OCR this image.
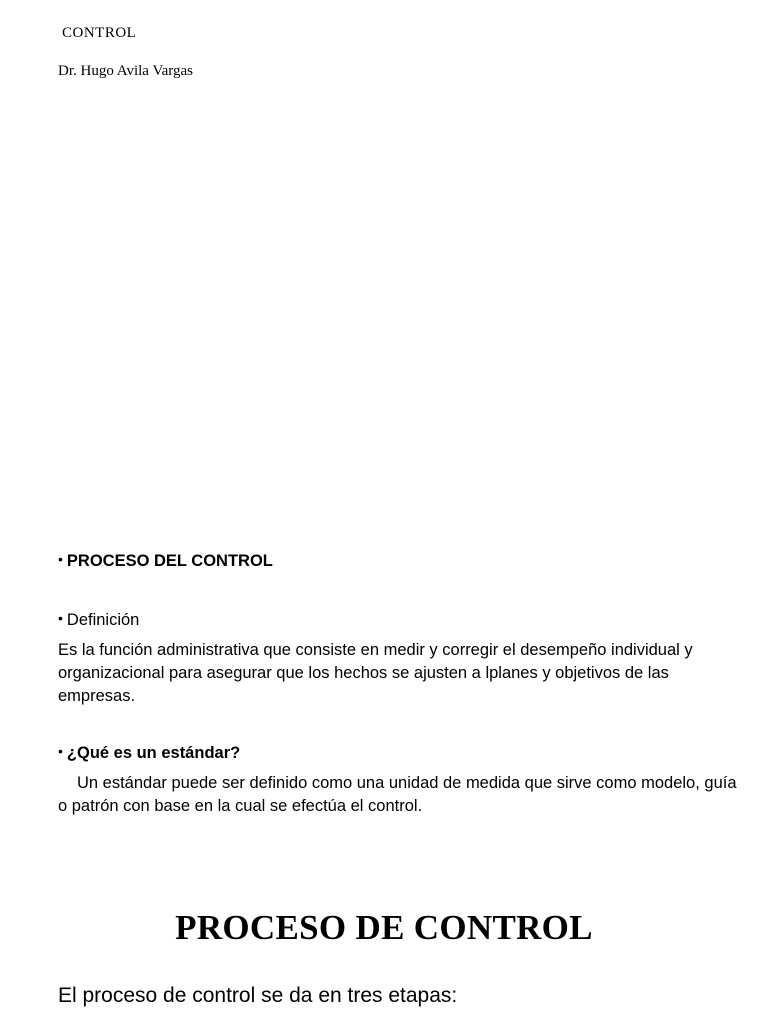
CONTROL
Dr. Hugo Avila Vargas
• PROCESO DEL CONTROL
• Definición

Es la función administrativa que consiste en medir y corregir el desempeño individual y organizacional para asegurar que los hechos se ajusten a lplanes y objetivos de las empresas.

• ¿Qué es un estándar?

Un estándar puede ser definido como una unidad de medida que sirve como modelo, guía o patrón con base en la cual se efectúa el control.

PROCESO DE CONTROL
El proceso de control se da en tres etapas:
